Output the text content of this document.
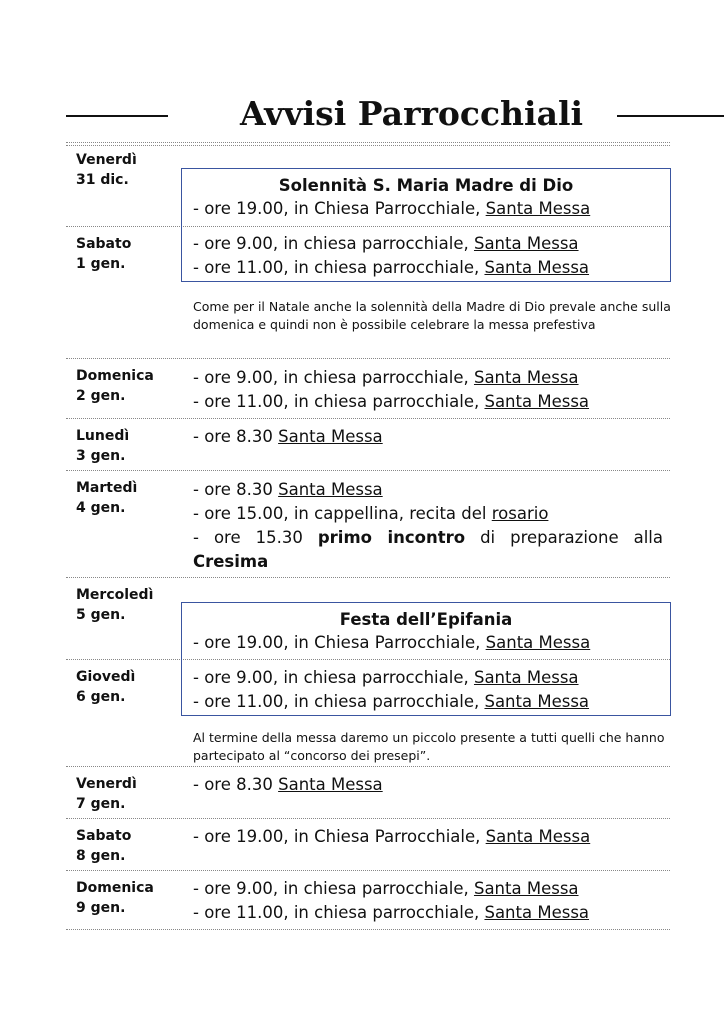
Avvisi Parrocchiali
Venerdì
31 dic.
Sabato
1 gen.
Domenica
2 gen.
Lunedì
3 gen.
Martedì
4 gen.
Mercoledì
5 gen.
Giovedì
6 gen.
Venerdì
7 gen.
Sabato
8 gen.
Domenica
9 gen.
Solennità S. Maria Madre di Dio
- ore 19.00, in Chiesa Parrocchiale, Santa Messa
- ore 9.00, in chiesa parrocchiale, Santa Messa
- ore 11.00, in chiesa parrocchiale, Santa Messa
Come per il Natale anche la solennità della Madre di Dio prevale anche sulla domenica e quindi non è possibile celebrare la messa prefestiva
- ore 9.00, in chiesa parrocchiale, Santa Messa
- ore 11.00, in chiesa parrocchiale, Santa Messa
- ore 8.30 Santa Messa
- ore 8.30 Santa Messa
- ore 15.00, in cappellina, recita del rosario
- ore 15.30 primo incontro di preparazione alla
Cresima
Festa dell’Epifania
- ore 19.00, in Chiesa Parrocchiale, Santa Messa
- ore 9.00, in chiesa parrocchiale, Santa Messa
- ore 11.00, in chiesa parrocchiale, Santa Messa
Al termine della messa daremo un piccolo presente a tutti quelli che hanno partecipato al “concorso dei presepi”.
- ore 8.30 Santa Messa
- ore 19.00, in Chiesa Parrocchiale, Santa Messa
- ore 9.00, in chiesa parrocchiale, Santa Messa
- ore 11.00, in chiesa parrocchiale, Santa Messa
